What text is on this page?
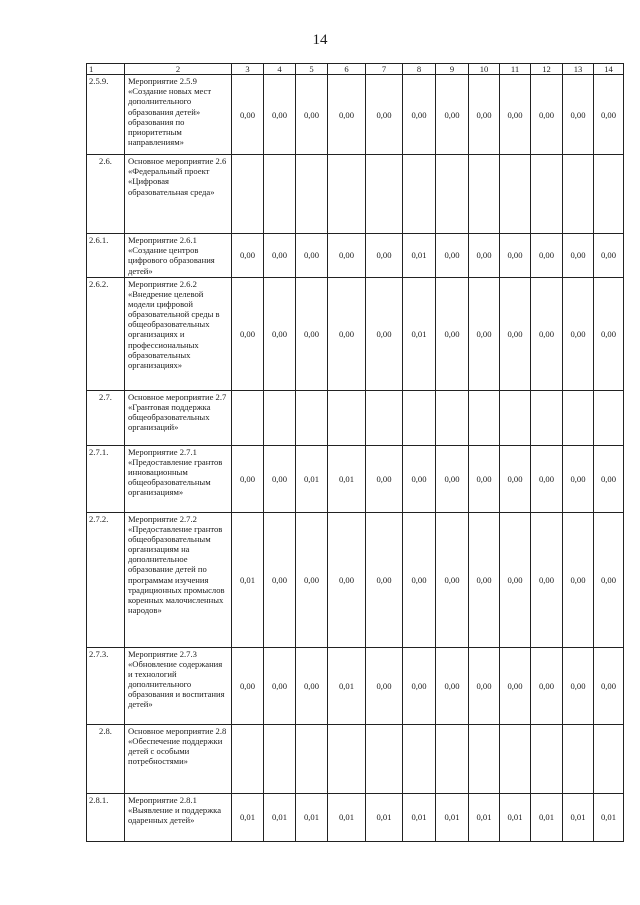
14
1	2	3	4	5	6	7	8	9	10	11	12	13	14
2.5.9.	Мероприятие 2.5.9 «Создание новых мест дополнительного образования детей» образования по приоритетным направлениям»	0,00	0,00	0,00	0,00	0,00	0,00	0,00	0,00	0,00	0,00	0,00	0,00
2.6.	Основное мероприятие 2.6 «Федеральный проект «Цифровая образовательная среда»												
2.6.1.	Мероприятие 2.6.1 «Создание центров цифрового образования детей»	0,00	0,00	0,00	0,00	0,00	0,01	0,00	0,00	0,00	0,00	0,00	0,00
2.6.2.	Мероприятие 2.6.2 «Внедрение целевой модели цифровой образовательной среды в общеобразовательных организациях и профессиональных образовательных организациях»	0,00	0,00	0,00	0,00	0,00	0,01	0,00	0,00	0,00	0,00	0,00	0,00
2.7.	Основное мероприятие 2.7 «Грантовая поддержка общеобразовательных организаций»												
2.7.1.	Мероприятие 2.7.1 «Предоставление грантов инновационным общеобразовательным организациям»	0,00	0,00	0,01	0,01	0,00	0,00	0,00	0,00	0,00	0,00	0,00	0,00
2.7.2.	Мероприятие 2.7.2 «Предоставление грантов общеобразовательным организациям на дополнительное образование детей по программам изучения традиционных промыслов коренных малочисленных народов»	0,01	0,00	0,00	0,00	0,00	0,00	0,00	0,00	0,00	0,00	0,00	0,00
2.7.3.	Мероприятие 2.7.3 «Обновление содержания и технологий дополнительного образования и воспитания детей»	0,00	0,00	0,00	0,01	0,00	0,00	0,00	0,00	0,00	0,00	0,00	0,00
2.8.	Основное мероприятие 2.8 «Обеспечение поддержки детей с особыми потребностями»												
2.8.1.	Мероприятие 2.8.1 «Выявление и поддержка одаренных детей»	0,01	0,01	0,01	0,01	0,01	0,01	0,01	0,01	0,01	0,01	0,01	0,01
